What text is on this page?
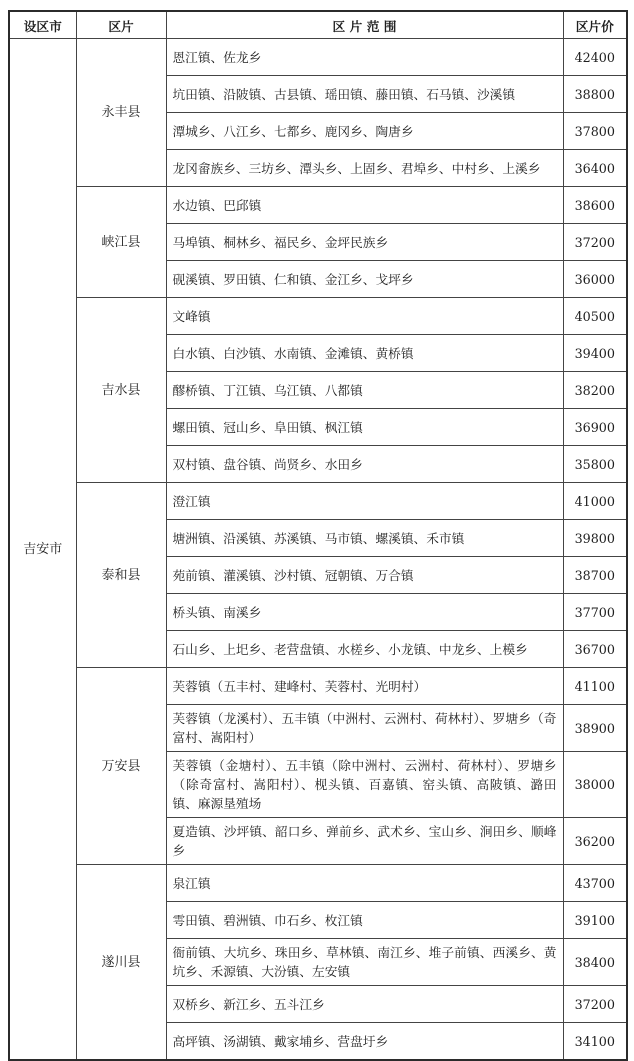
设区市	区片	区 片 范 围	区片价
吉安市	永丰县	恩江镇、佐龙乡	42400
		坑田镇、沿陂镇、古县镇、瑶田镇、藤田镇、石马镇、沙溪镇	38800
		潭城乡、八江乡、七都乡、鹿冈乡、陶唐乡	37800
		龙冈畲族乡、三坊乡、潭头乡、上固乡、君埠乡、中村乡、上溪乡	36400
	峡江县	水边镇、巴邱镇	38600
		马埠镇、桐林乡、福民乡、金坪民族乡	37200
		砚溪镇、罗田镇、仁和镇、金江乡、戈坪乡	36000
	吉水县	文峰镇	40500
		白水镇、白沙镇、水南镇、金滩镇、黄桥镇	39400
		醪桥镇、丁江镇、乌江镇、八都镇	38200
		螺田镇、冠山乡、阜田镇、枫江镇	36900
		双村镇、盘谷镇、尚贤乡、水田乡	35800
	泰和县	澄江镇	41000
		塘洲镇、沿溪镇、苏溪镇、马市镇、螺溪镇、禾市镇	39800
		苑前镇、灌溪镇、沙村镇、冠朝镇、万合镇	38700
		桥头镇、南溪乡	37700
		石山乡、上圯乡、老营盘镇、水槎乡、小龙镇、中龙乡、上模乡	36700
	万安县	芙蓉镇（五丰村、建峰村、芙蓉村、光明村）	41100
		芙蓉镇（龙溪村）、五丰镇（中洲村、云洲村、荷林村）、罗塘乡（奇富村、嵩阳村）	38900
		芙蓉镇（金塘村）、五丰镇（除中洲村、云洲村、荷林村）、罗塘乡（除奇富村、嵩阳村）、枧头镇、百嘉镇、窑头镇、高陂镇、潞田镇、麻源垦殖场	38000
		夏造镇、沙坪镇、韶口乡、弹前乡、武术乡、宝山乡、涧田乡、顺峰乡	36200
	遂川县	泉江镇	43700
		雩田镇、碧洲镇、巾石乡、枚江镇	39100
		衙前镇、大坑乡、珠田乡、草林镇、南江乡、堆子前镇、西溪乡、黄坑乡、禾源镇、大汾镇、左安镇	38400
		双桥乡、新江乡、五斗江乡	37200
		高坪镇、汤湖镇、戴家埔乡、营盘圩乡	34100
